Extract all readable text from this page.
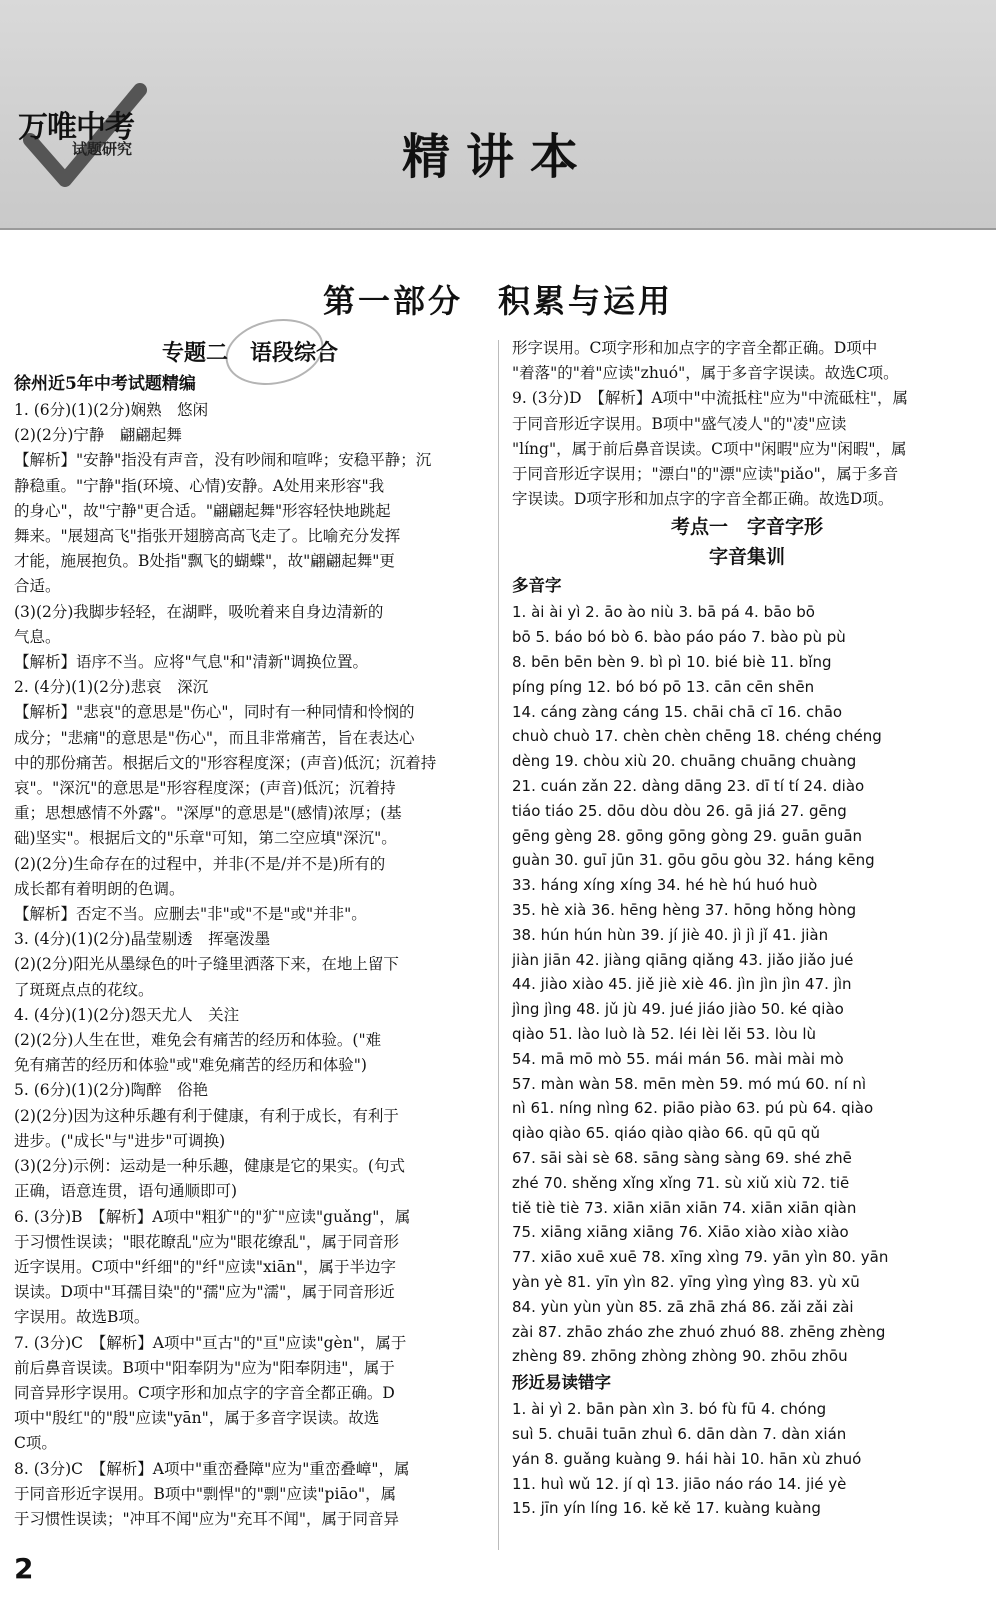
万唯中考
试题研究	精讲本
第一部分　积累与运用

专题二　语段综合

徐州近5年中考试题精编

1. (6分)(1)(2分)娴熟　悠闲

(2)(2分)宁静　翩翩起舞

【解析】"安静"指没有声音，没有吵闹和喧哗；安稳平静；沉

静稳重。"宁静"指(环境、心情)安静。A处用来形容"我

的身心"，故"宁静"更合适。"翩翩起舞"形容轻快地跳起

舞来。"展翅高飞"指张开翅膀高高飞走了。比喻充分发挥

才能，施展抱负。B处指"飘飞的蝴蝶"，故"翩翩起舞"更

合适。

(3)(2分)我脚步轻轻，在湖畔，吸吮着来自身边清新的

气息。

【解析】语序不当。应将"气息"和"清新"调换位置。

2. (4分)(1)(2分)悲哀　深沉

【解析】"悲哀"的意思是"伤心"，同时有一种同情和怜悯的

成分；"悲痛"的意思是"伤心"，而且非常痛苦，旨在表达心

中的那份痛苦。根据后文的"形容程度深；(声音)低沉；沉着持

哀"。"深沉"的意思是"形容程度深；(声音)低沉；沉着持

重；思想感情不外露"。"深厚"的意思是"(感情)浓厚；(基

础)坚实"。根据后文的"乐章"可知，第二空应填"深沉"。

(2)(2分)生命存在的过程中，并非(不是/并不是)所有的

成长都有着明朗的色调。

【解析】否定不当。应删去"非"或"不是"或"并非"。

3. (4分)(1)(2分)晶莹剔透　挥毫泼墨

(2)(2分)阳光从墨绿色的叶子缝里洒落下来，在地上留下

了斑斑点点的花纹。

4. (4分)(1)(2分)怨天尤人　关注

(2)(2分)人生在世，难免会有痛苦的经历和体验。("难

免有痛苦的经历和体验"或"难免痛苦的经历和体验")

5. (6分)(1)(2分)陶醉　俗艳

(2)(2分)因为这种乐趣有利于健康，有利于成长，有利于

进步。("成长"与"进步"可调换)

(3)(2分)示例：运动是一种乐趣，健康是它的果实。(句式

正确，语意连贯，语句通顺即可)

6. (3分)B　【解析】A项中"粗犷"的"犷"应读"guǎng"，属

于习惯性误读；"眼花瞭乱"应为"眼花缭乱"，属于同音形

近字误用。C项中"纤细"的"纤"应读"xiān"，属于半边字

误读。D项中"耳孺目染"的"孺"应为"濡"，属于同音形近

字误用。故选B项。

7. (3分)C　【解析】A项中"亘古"的"亘"应读"gèn"，属于

前后鼻音误读。B项中"阳奉阴为"应为"阳奉阴违"，属于

同音异形字误用。C项字形和加点字的字音全都正确。D

项中"殷红"的"殷"应读"yān"，属于多音字误读。故选

C项。

8. (3分)C　【解析】A项中"重峦叠障"应为"重峦叠嶂"，属

于同音形近字误用。B项中"剽悍"的"剽"应读"piāo"，属

于习惯性误读；"冲耳不闻"应为"充耳不闻"，属于同音异

形字误用。C项字形和加点字的字音全都正确。D项中

"着落"的"着"应读"zhuó"，属于多音字误读。故选C项。

9. (3分)D　【解析】A项中"中流抵柱"应为"中流砥柱"，属

于同音形近字误用。B项中"盛气凌人"的"凌"应读

"líng"，属于前后鼻音误读。C项中"闲暇"应为"闲暇"，属

于同音形近字误用；"漂白"的"漂"应读"piǎo"，属于多音

字误读。D项字形和加点字的字音全都正确。故选D项。

考点一　字音字形

字音集训

多音字

1. ài ài yì 2. āo ào niù 3. bā pá 4. bāo bō

bō 5. báo bó bò 6. bào páo páo 7. bào pù pù

8. bēn bēn bèn 9. bì pì 10. bié biè 11. bǐng

píng píng 12. bó bó pō 13. cān cēn shēn

14. cáng zàng cáng 15. chāi chā cī 16. chāo

chuò chuò 17. chèn chèn chēng 18. chéng chéng

dèng 19. chòu xiù 20. chuāng chuāng chuàng

21. cuán zǎn 22. dàng dāng 23. dī tí tí 24. diào

tiáo tiáo 25. dōu dòu dòu 26. gā jiá 27. gēng

gēng gèng 28. gōng gōng gòng 29. guān guān

guàn 30. guī jūn 31. gōu gōu gòu 32. háng kēng

33. háng xíng xíng 34. hé hè hú huó huò

35. hè xià 36. hēng hèng 37. hōng hǒng hòng

38. hún hún hùn 39. jí jiè 40. jì jì jǐ 41. jiàn

jiàn jiān 42. jiàng qiāng qiǎng 43. jiǎo jiǎo jué

44. jiào xiào 45. jiě jiè xiè 46. jìn jìn jìn 47. jìn

jìng jìng 48. jǔ jù 49. jué jiáo jiào 50. ké qiào

qiào 51. lào luò là 52. léi lèi lěi 53. lòu lù

54. mā mō mò 55. mái mán 56. mài mài mò

57. màn wàn 58. mēn mèn 59. mó mú 60. ní nì

nì 61. níng nìng 62. piāo piào 63. pú pù 64. qiào

qiào qiào 65. qiáo qiào qiào 66. qū qū qǔ

67. sāi sài sè 68. sāng sàng sàng 69. shé zhē

zhé 70. shěng xǐng xǐng 71. sù xiǔ xiù 72. tiē

tiě tiè tiè 73. xiān xiān xiān 74. xiān xiān qiàn

75. xiāng xiāng xiāng 76. Xiāo xiào xiào xiào

77. xiāo xuē xuē 78. xīng xìng 79. yān yìn 80. yān

yàn yè 81. yīn yìn 82. yīng yìng yìng 83. yù xū

84. yùn yùn yùn 85. zā zhā zhá 86. zǎi zǎi zài

zài 87. zhāo zháo zhe zhuó zhuó 88. zhēng zhèng

zhèng 89. zhōng zhòng zhòng 90. zhōu zhōu

形近易读错字

1. ài yì 2. bān pàn xìn 3. bó fù fū 4. chóng

suì 5. chuāi tuān zhuì 6. dān dàn 7. dàn xián

yán 8. guǎng kuàng 9. hái hài 10. hān xù zhuó

11. huì wǔ 12. jí qì 13. jiāo náo ráo 14. jié yè

15. jīn yín líng 16. kě kě 17. kuàng kuàng

2
